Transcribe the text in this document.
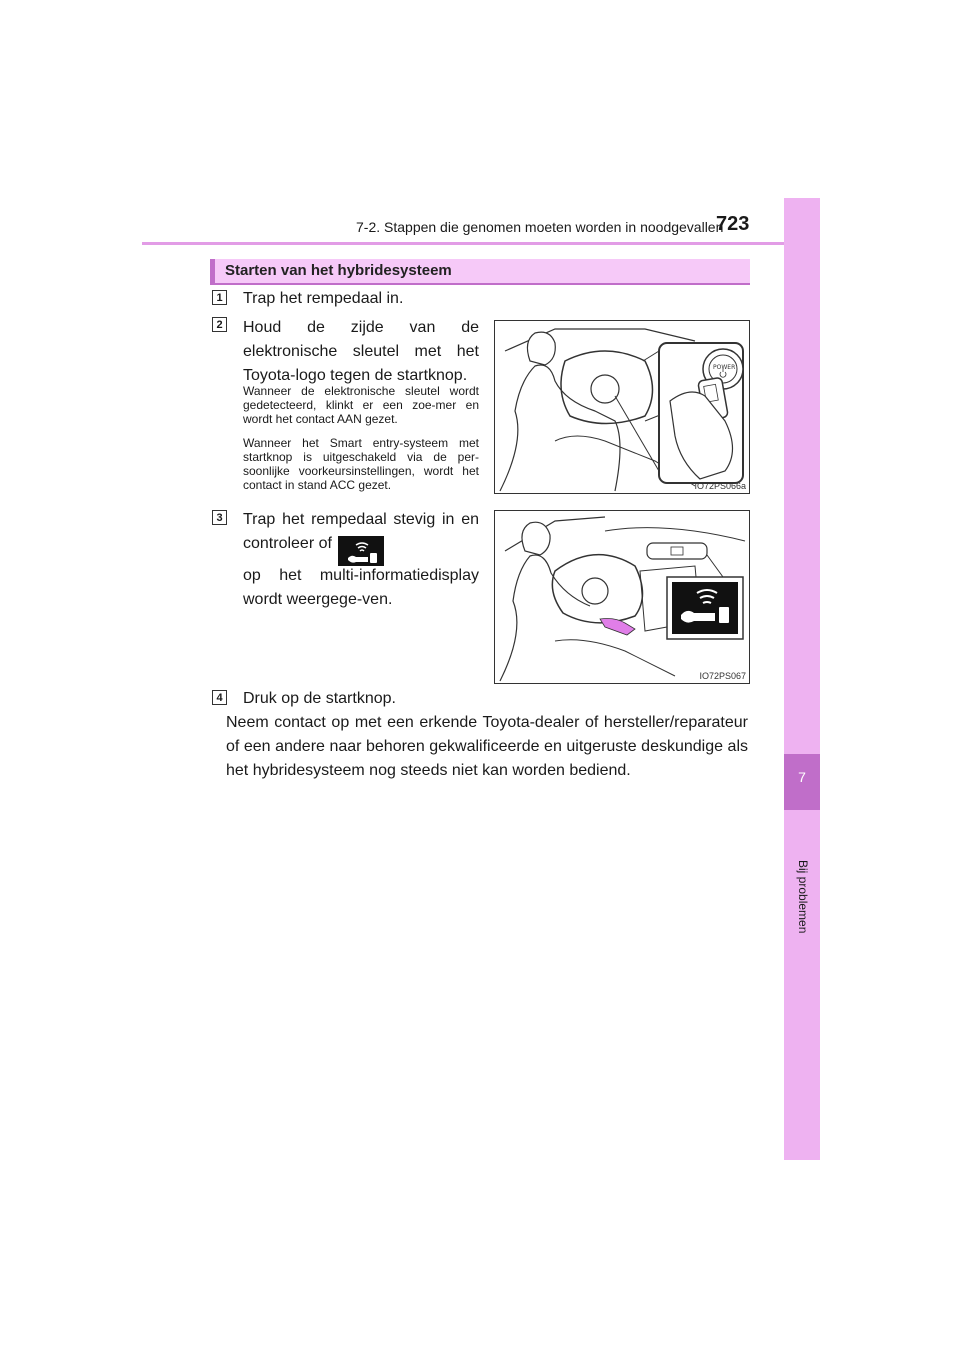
7-2. Stappen die genomen moeten worden in noodgevallen
723
7
Bij problemen
Starten van het hybridesysteem
1 Trap het rempedaal in.
2 Houd de zijde van de elektronische sleutel met het Toyota-logo tegen de startknop.
Wanneer de elektronische sleutel wordt gedetecteerd, klinkt er een zoe-mer en wordt het contact AAN gezet.
Wanneer het Smart entry-systeem met startknop is uitgeschakeld via de per-soonlijke voorkeursinstellingen, wordt het contact in stand ACC gezet.
POWER
IO72PS066a
3 Trap het rempedaal stevig in en controleer of
op het multi-informatiedisplay wordt weergege-ven.
IO72PS067
4 Druk op de startknop.
Neem contact op met een erkende Toyota-dealer of hersteller/reparateur of een andere naar behoren gekwalificeerde en uitgeruste deskundige als het hybridesysteem nog steeds niet kan worden bediend.
